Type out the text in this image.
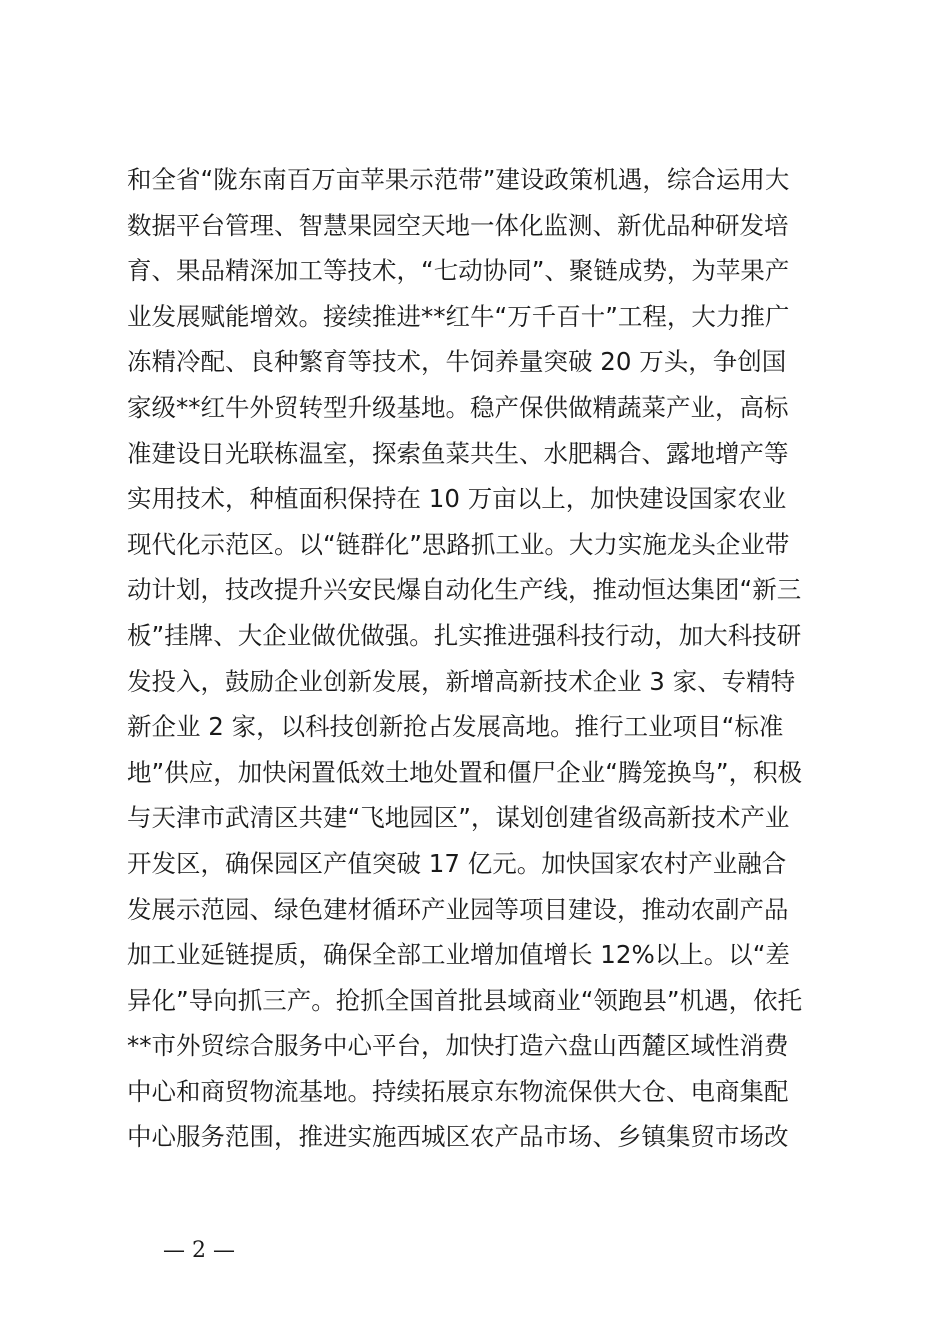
和全省“陇东南百万亩苹果示范带”建设政策机遇，综合运用大
数据平台管理、智慧果园空天地一体化监测、新优品种研发培
育、果品精深加工等技术，“七动协同”、聚链成势，为苹果产
业发展赋能增效。接续推进**红牛“万千百十”工程，大力推广
冻精冷配、良种繁育等技术，牛饲养量突破 20 万头，争创国
家级**红牛外贸转型升级基地。稳产保供做精蔬菜产业，高标
准建设日光联栋温室，探索鱼菜共生、水肥耦合、露地增产等
实用技术，种植面积保持在 10 万亩以上，加快建设国家农业
现代化示范区。以“链群化”思路抓工业。大力实施龙头企业带
动计划，技改提升兴安民爆自动化生产线，推动恒达集团“新三
板”挂牌、大企业做优做强。扎实推进强科技行动，加大科技研
发投入，鼓励企业创新发展，新增高新技术企业 3 家、专精特
新企业 2 家，以科技创新抢占发展高地。推行工业项目“标准
地”供应，加快闲置低效土地处置和僵尸企业“腾笼换鸟”，积极
与天津市武清区共建“飞地园区”，谋划创建省级高新技术产业
开发区，确保园区产值突破 17 亿元。加快国家农村产业融合
发展示范园、绿色建材循环产业园等项目建设，推动农副产品
加工业延链提质，确保全部工业增加值增长 12%以上。以“差
异化”导向抓三产。抢抓全国首批县域商业“领跑县”机遇，依托
**市外贸综合服务中心平台，加快打造六盘山西麓区域性消费
中心和商贸物流基地。持续拓展京东物流保供大仓、电商集配
中心服务范围，推进实施西城区农产品市场、乡镇集贸市场改
— 2 —
